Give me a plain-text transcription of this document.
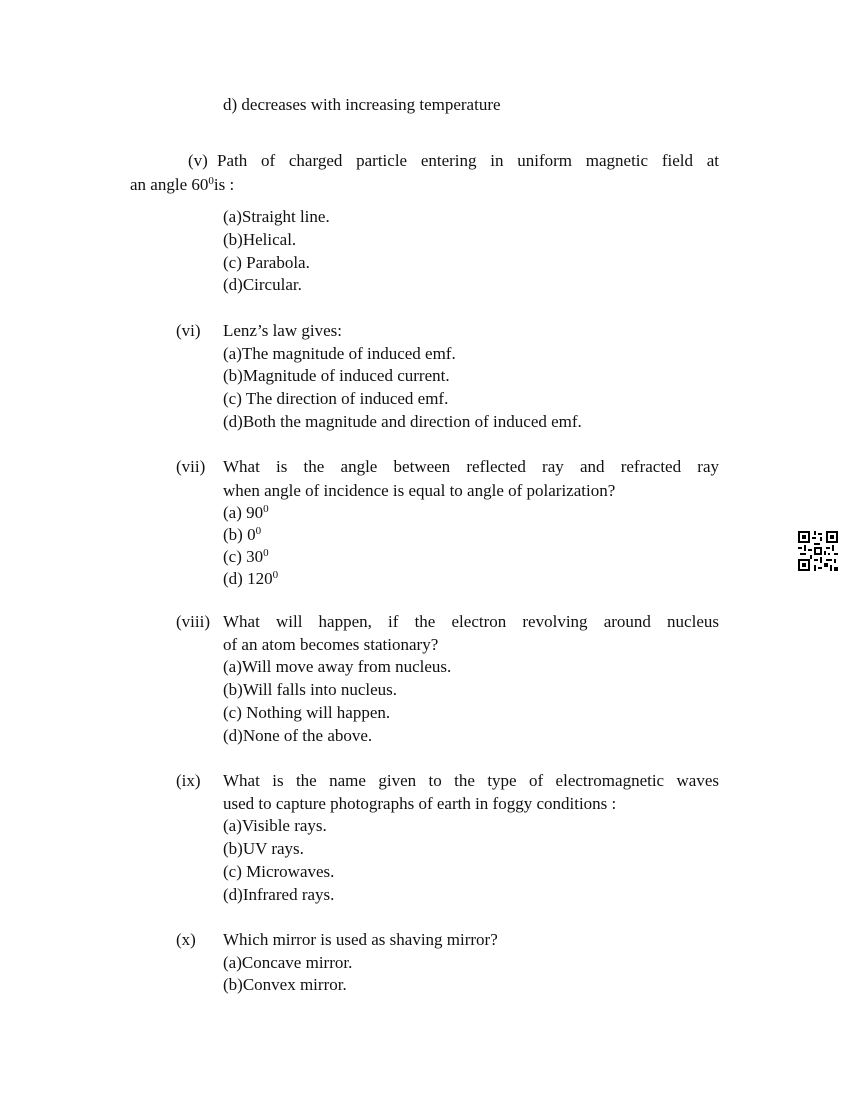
d) decreases with increasing temperature
(v) Path of charged particle entering in uniform magnetic field at
an angle $60^0is$ :
(a)Straight line.
(b)Helical.
(c) Parabola.
(d)Circular.
(vi) Lenz’s law gives:
(a)The magnitude of induced emf.
(b)Magnitude of induced current.
(c) The direction of induced emf.
(d)Both the magnitude and direction of induced emf.
(vii) What is the angle between reflected ray and refracted ray
when angle of incidence is equal to angle of polarization?
(a) $90^0$
(b) $0^0$
(c) $30^0$
(d) $120^0$
(viii) What will happen, if the electron revolving around nucleus
of an atom becomes stationary?
(a)Will move away from nucleus.
(b)Will falls into nucleus.
(c) Nothing will happen.
(d)None of the above.
(ix) What is the name given to the type of electromagnetic waves
used to capture photographs of earth in foggy conditions :
(a)Visible rays.
(b)UV rays.
(c) Microwaves.
(d)Infrared rays.
(x) Which mirror is used as shaving mirror?
(a)Concave mirror.
(b)Convex mirror.
